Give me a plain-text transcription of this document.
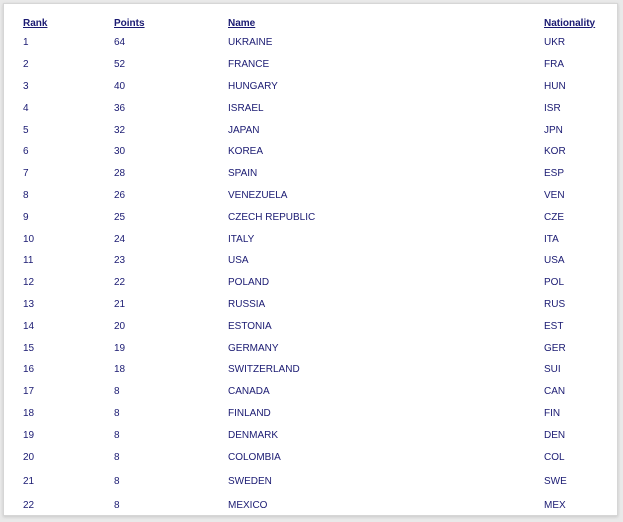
Rank	Points	Name	Nationality
1	64	UKRAINE	UKR
2	52	FRANCE	FRA
3	40	HUNGARY	HUN
4	36	ISRAEL	ISR
5	32	JAPAN	JPN
6	30	KOREA	KOR
7	28	SPAIN	ESP
8	26	VENEZUELA	VEN
9	25	CZECH REPUBLIC	CZE
10	24	ITALY	ITA
11	23	USA	USA
12	22	POLAND	POL
13	21	RUSSIA	RUS
14	20	ESTONIA	EST
15	19	GERMANY	GER
16	18	SWITZERLAND	SUI
17	8	CANADA	CAN
18	8	FINLAND	FIN
19	8	DENMARK	DEN
20	8	COLOMBIA	COL
21	8	SWEDEN	SWE
22	8	MEXICO	MEX
